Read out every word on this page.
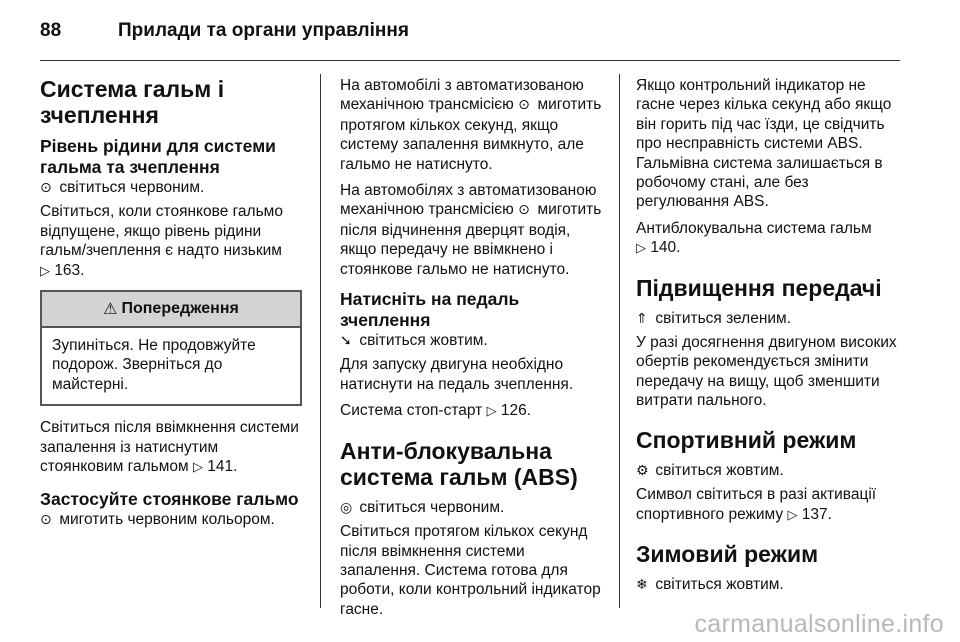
88	Прилади та органи управління
Система гальм і зчеплення
Рівень рідини для системи гальма та зчеплення

⊙ світиться червоним.

Світиться, коли стоянкове гальмо відпущене, якщо рівень рідини гальм/зчеплення є надто низьким
▷ 163.

⚠ Попередження
Зупиніться. Не продовжуйте подорож. Зверніться до майстерні.

Світиться після ввімкнення системи запалення із натиснутим стоянковим гальмом ▷ 141.

Застосуйте стоянкове гальмо

⊙ миготить червоним кольором.

На автомобілі з автоматизованою механічною трансмісією ⊙ миготить протягом кількох секунд, якщо систему запалення вимкнуто, але гальмо не натиснуто.

На автомобілях з автоматизованою механічною трансмісією ⊙ миготить після відчинення дверцят водія, якщо передачу не ввімкнено і стоянкове гальмо не натиснуто.

Натисніть на педаль зчеплення

➘ світиться жовтим.

Для запуску двигуна необхідно натиснути на педаль зчеплення.

Система стоп-старт ▷ 126.

Анти-блокувальна система гальм (ABS)

◎ світиться червоним.

Світиться протягом кількох секунд після ввімкнення системи запалення. Система готова для роботи, коли контрольний індикатор гасне.

Якщо контрольний індикатор не гасне через кілька секунд або якщо він горить під час їзди, це свідчить про несправність системи ABS. Гальмівна система залишається в робочому стані, але без регулювання ABS.

Антиблокувальна система гальм
▷ 140.

Підвищення передачі

⇑ світиться зеленим.

У разі досягнення двигуном високих обертів рекомендується змінити передачу на вищу, щоб зменшити витрати пального.

Спортивний режим

⚙ світиться жовтим.

Символ світиться в разі активації спортивного режиму ▷ 137.

Зимовий режим

❄ світиться жовтим.

carmanualsonline.info
